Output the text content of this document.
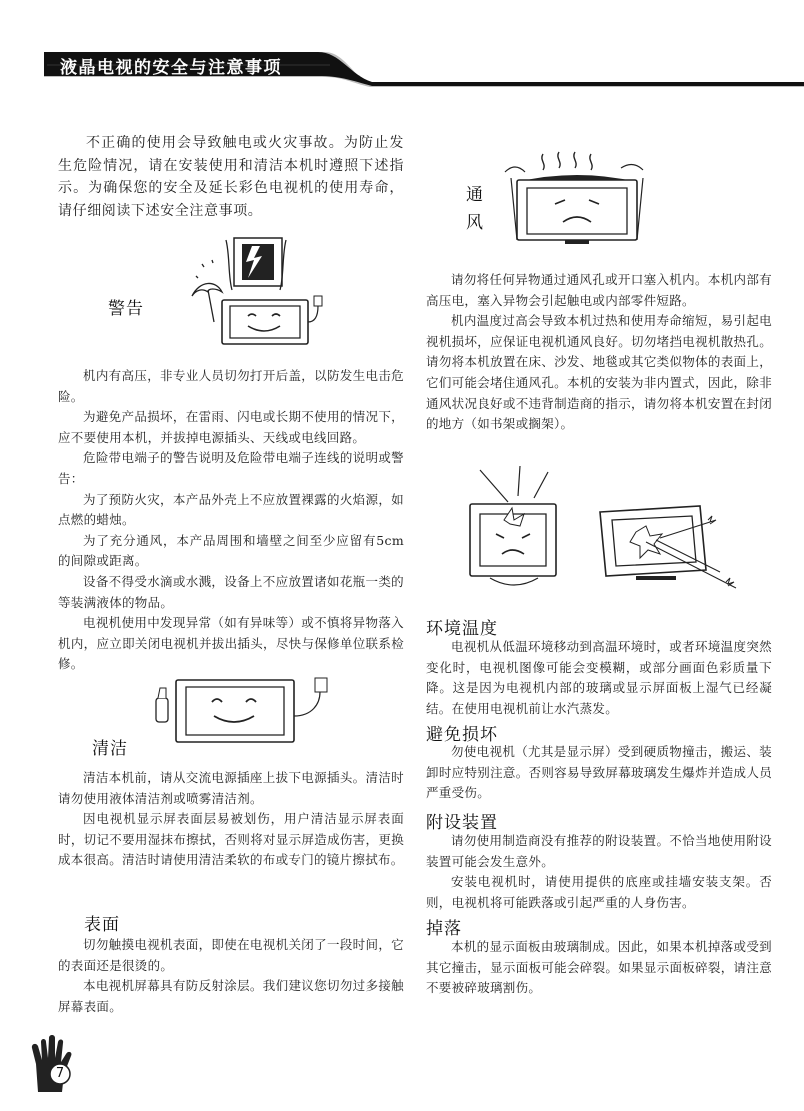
液晶电视的安全与注意事项

不正确的使用会导致触电或火灾事故。为防止发生危险情况，请在安装使用和清洁本机时遵照下述指示。为确保您的安全及延长彩色电视机的使用寿命，请仔细阅读下述安全注意事项。

警告

机内有高压，非专业人员切勿打开后盖，以防发生电击危险。

为避免产品损坏，在雷雨、闪电或长期不使用的情况下，应不要使用本机，并拔掉电源插头、天线或电线回路。

危险带电端子的警告说明及危险带电端子连线的说明或警告：

为了预防火灾，本产品外壳上不应放置裸露的火焰源，如点燃的蜡烛。

为了充分通风，本产品周围和墙壁之间至少应留有5cm的间隙或距离。

设备不得受水滴或水溅，设备上不应放置诸如花瓶一类的等装满液体的物品。

电视机使用中发现异常（如有异味等）或不慎将异物落入机内，应立即关闭电视机并拔出插头，尽快与保修单位联系检修。

清洁

清洁本机前，请从交流电源插座上拔下电源插头。清洁时请勿使用液体清洁剂或喷雾清洁剂。

因电视机显示屏表面层易被划伤，用户清洁显示屏表面时，切记不要用湿抹布擦拭，否则将对显示屏造成伤害，更换成本很高。清洁时请使用清洁柔软的布或专门的镜片擦拭布。

表面

切勿触摸电视机表面，即使在电视机关闭了一段时间，它的表面还是很烫的。

本电视机屏幕具有防反射涂层。我们建议您切勿过多接触屏幕表面。

7
通
风

请勿将任何异物通过通风孔或开口塞入机内。本机内部有高压电，塞入异物会引起触电或内部零件短路。

机内温度过高会导致本机过热和使用寿命缩短，易引起电视机损坏，应保证电视机通风良好。切勿堵挡电视机散热孔。请勿将本机放置在床、沙发、地毯或其它类似物体的表面上，它们可能会堵住通风孔。本机的安装为非内置式，因此，除非通风状况良好或不违背制造商的指示，请勿将本机安置在封闭的地方（如书架或搁架）。

环境温度

电视机从低温环境移动到高温环境时，或者环境温度突然变化时，电视机图像可能会变模糊，或部分画面色彩质量下降。这是因为电视机内部的玻璃或显示屏面板上湿气已经凝结。在使用电视机前让水汽蒸发。

避免损坏

勿使电视机（尤其是显示屏）受到硬质物撞击，搬运、装卸时应特别注意。否则容易导致屏幕玻璃发生爆炸并造成人员严重受伤。

附设装置

请勿使用制造商没有推荐的附设装置。不恰当地使用附设装置可能会发生意外。

安装电视机时，请使用提供的底座或挂墙安装支架。否则，电视机将可能跌落或引起严重的人身伤害。

掉落

本机的显示面板由玻璃制成。因此，如果本机掉落或受到其它撞击，显示面板可能会碎裂。如果显示面板碎裂，请注意不要被碎玻璃割伤。
